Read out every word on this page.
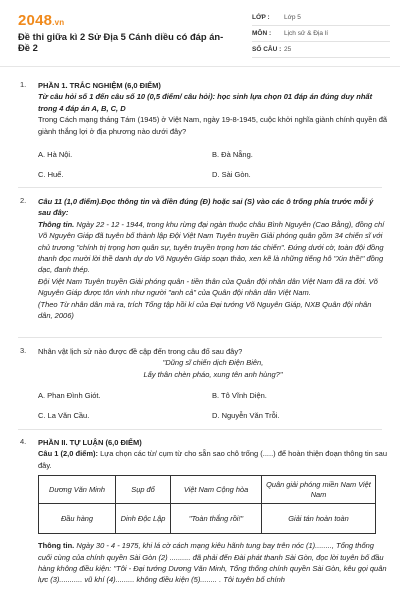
2048.vn
Đề thi giữa kì 2 Sử Địa 5 Cánh diều có đáp án- Đề 2
LỚP :	Lớp 5
MÔN :	Lịch sử & Địa lí
SỐ CÂU : 25
1. PHẦN 1. TRẮC NGHIỆM (6,0 ĐIỂM)
Từ câu hỏi số 1 đến câu số 10 (0,5 điểm/ câu hỏi): học sinh lựa chọn 01 đáp án đúng duy nhất trong 4 đáp án A, B, C, D
Trong Cách mạng tháng Tám (1945) ở Việt Nam, ngày 19-8-1945, cuộc khởi nghĩa giành chính quyền đã giành thắng lợi ở địa phương nào dưới đây?
A. Hà Nội.	B. Đà Nẵng.
C. Huế.	D. Sài Gòn.
2. Câu 11 (1,0 điểm).Đọc thông tin và điền đúng (Đ) hoặc sai (S) vào các ô trống phía trước mỗi ý sau đây:
Thông tin. Ngày 22 - 12 - 1944, trong khu rừng đại ngàn thuộc châu Bình Nguyên (Cao Bằng), đồng chí Võ Nguyên Giáp đã tuyên bố thành lập Đội Việt Nam Tuyên truyền Giải phóng quân gồm 34 chiến sĩ với chủ trương "chính trị trọng hơn quân sự, tuyên truyền trọng hơn tác chiến". Đứng dưới cờ, toàn đội đồng thanh đọc mười lời thề danh dự do Võ Nguyên Giáp soạn thảo, xen kẽ là những tiếng hô "Xin thề!" đồng dạc, đanh thép.
Đội Việt Nam Tuyên truyền Giải phóng quân - tiền thân của Quân đội nhân dân Việt Nam đã ra đời. Võ Nguyên Giáp được tôn vinh như người "anh cả" của Quân đội nhân dân Việt Nam.
(Theo Từ nhân dân mà ra, trích Tổng tập hồi kí của Đại tướng Võ Nguyên Giáp, NXB Quân đội nhân dân, 2006)
3. Nhân vật lịch sử nào được đề cập đến trong câu đố sau đây?
"Dũng sĩ chiến dịch Điện Biên,
Lấy thân chèn pháo, xung tên anh hùng?"
A. Phan Đình Giót.	B. Tô Vĩnh Diện.
C. La Văn Cầu.	D. Nguyễn Văn Trỗi.
4. PHẦN II. TỰ LUẬN (6,0 ĐIỂM)
Câu 1 (2,0 điểm): Lựa chọn các từ/ cụm từ cho sẵn sao chô trống (.....) để hoàn thiện đoạn thông tin sau đây.
Dương Văn Minh	Sụp đổ	Việt Nam Cộng hòa	Quân giải phóng miền Nam Việt Nam
Đầu hàng	Dinh Độc Lập	"Toàn thắng rồi!"	Giải tán hoàn toàn
Thông tin. Ngày 30 - 4 - 1975, khi lá cờ cách mạng kiêu hãnh tung bay trên nóc (1)........, Tổng thống cuối cùng của chính quyền Sài Gòn (2) .......... đã phải đến Đài phát thanh Sài Gòn, đọc lời tuyên bố đầu hàng không điều kiện: "Tôi - Đại tướng Dương Văn Minh, Tổng thống chính quyền Sài Gòn, kêu gọi quân lực (3)........... vũ khí (4)......... không điều kiện (5)........ . Tôi tuyên bố chính
